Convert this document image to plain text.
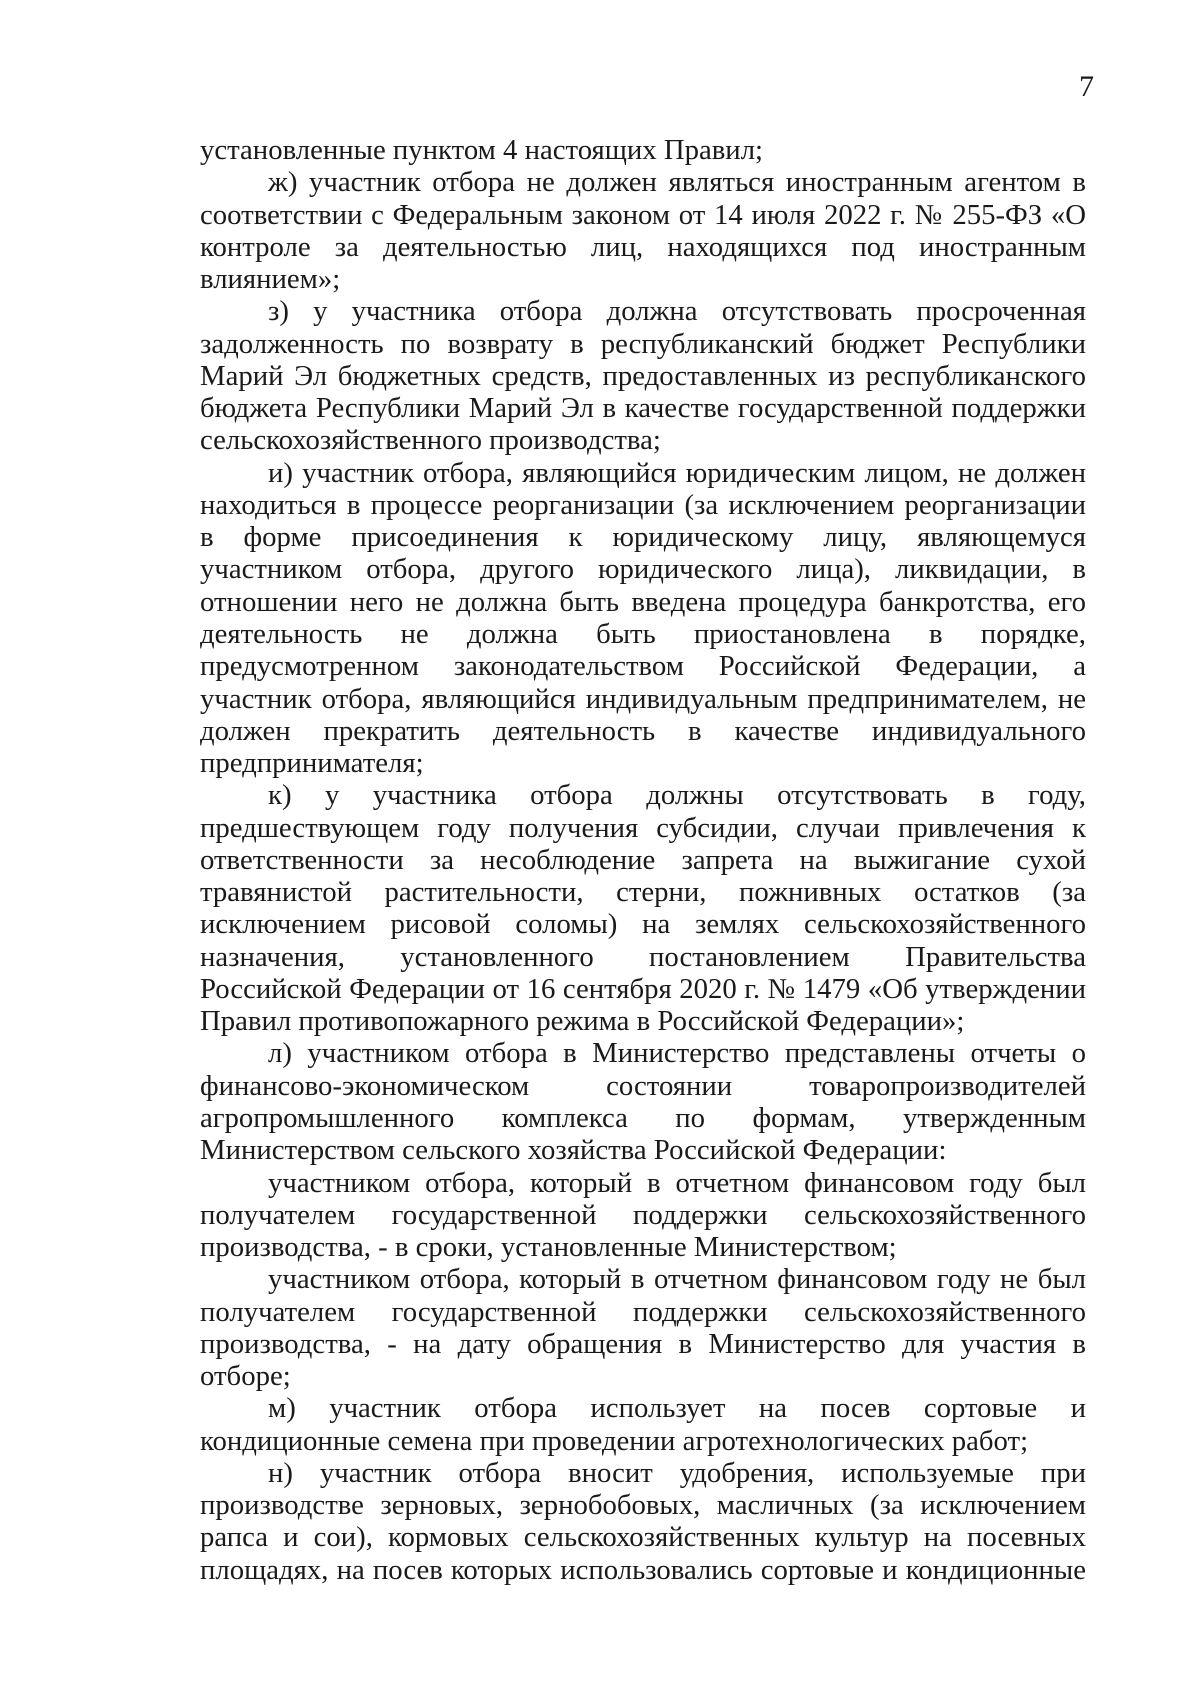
7

установленные пунктом 4 настоящих Правил;

ж) участник отбора не должен являться иностранным агентом в соответствии с Федеральным законом от 14 июля 2022 г. № 255-ФЗ «О контроле за деятельностью лиц, находящихся под иностранным влиянием»;

з) у участника отбора должна отсутствовать просроченная задолженность по возврату в республиканский бюджет Республики Марий Эл бюджетных средств, предоставленных из республиканского бюджета Республики Марий Эл в качестве государственной поддержки сельскохозяйственного производства;

и) участник отбора, являющийся юридическим лицом, не должен находиться в процессе реорганизации (за исключением реорганизации в форме присоединения к юридическому лицу, являющемуся участником отбора, другого юридического лица), ликвидации, в отношении него не должна быть введена процедура банкротства, его деятельность не должна быть приостановлена в порядке, предусмотренном законодательством Российской Федерации, а участник отбора, являющийся индивидуальным предпринимателем, не должен прекратить деятельность в качестве индивидуального предпринимателя;

к) у участника отбора должны отсутствовать в году, предшествующем году получения субсидии, случаи привлечения к ответственности за несоблюдение запрета на выжигание сухой травянистой растительности, стерни, пожнивных остатков (за исключением рисовой соломы) на землях сельскохозяйственного назначения, установленного постановлением Правительства Российской Федерации от 16 сентября 2020 г. № 1479 «Об утверждении Правил противопожарного режима в Российской Федерации»;

л) участником отбора в Министерство представлены отчеты о финансово-экономическом состоянии товаропроизводителей агропромышленного комплекса по формам, утвержденным Министерством сельского хозяйства Российской Федерации:

участником отбора, который в отчетном финансовом году был получателем государственной поддержки сельскохозяйственного производства, - в сроки, установленные Министерством;

участником отбора, который в отчетном финансовом году не был получателем государственной поддержки сельскохозяйственного производства, - на дату обращения в Министерство для участия в отборе;

м) участник отбора использует на посев сортовые и кондиционные семена при проведении агротехнологических работ;

н) участник отбора вносит удобрения, используемые при производстве зерновых, зернобобовых, масличных (за исключением рапса и сои), кормовых сельскохозяйственных культур на посевных площадях, на посев которых использовались сортовые и кондиционные
